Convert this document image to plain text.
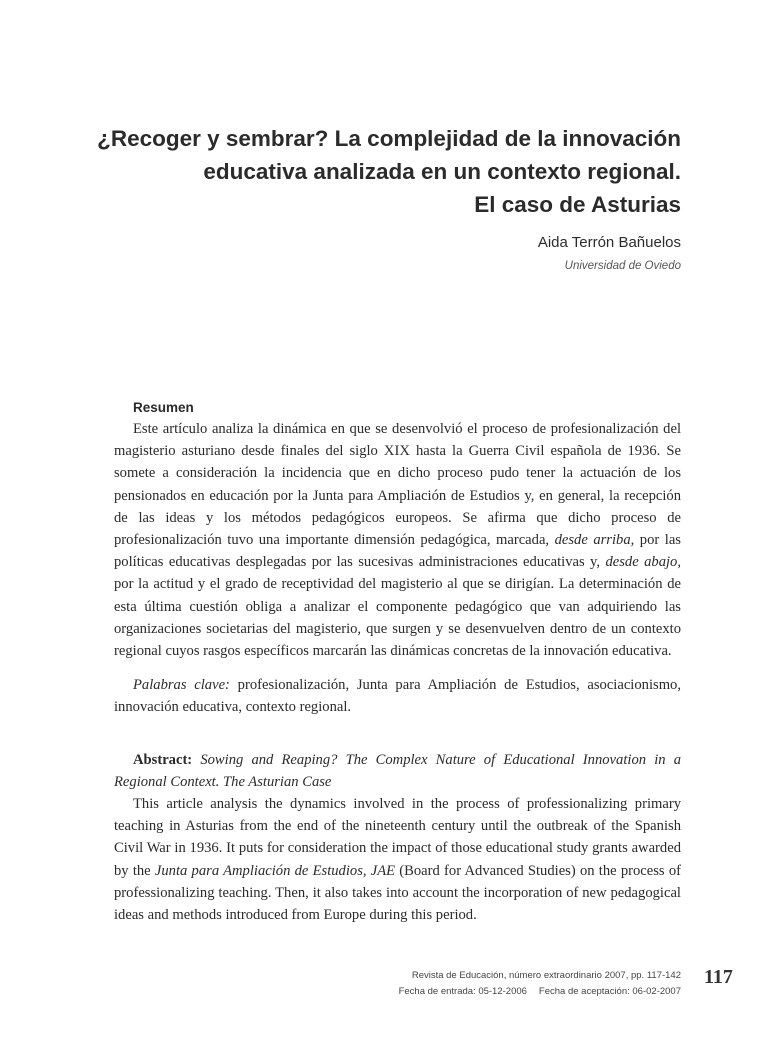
¿Recoger y sembrar? La complejidad de la innovación
educativa analizada en un contexto regional.
El caso de Asturias
Aida Terrón Bañuelos
Universidad de Oviedo
Resumen

Este artículo analiza la dinámica en que se desenvolvió el proceso de profesionalización del magisterio asturiano desde finales del siglo XIX hasta la Guerra Civil española de 1936. Se somete a consideración la incidencia que en dicho proceso pudo tener la actuación de los pensionados en educación por la Junta para Ampliación de Estudios y, en general, la recepción de las ideas y los métodos pedagógicos europeos. Se afirma que dicho proceso de profesionalización tuvo una importante dimensión pedagógica, marcada, desde arriba, por las políticas educativas desplegadas por las sucesivas administraciones educativas y, desde abajo, por la actitud y el grado de receptividad del magisterio al que se dirigían. La determinación de esta última cuestión obliga a analizar el componente pedagógico que van adquiriendo las organizaciones societarias del magisterio, que surgen y se desenvuelven dentro de un contexto regional cuyos rasgos específicos marcarán las dinámicas concretas de la innovación educativa.

Palabras clave: profesionalización, Junta para Ampliación de Estudios, asociacionismo, innovación educativa, contexto regional.

Abstract: Sowing and Reaping? The Complex Nature of Educational Innovation in a Regional Context. The Asturian Case

This article analysis the dynamics involved in the process of professionalizing primary teaching in Asturias from the end of the nineteenth century until the outbreak of the Spanish Civil War in 1936. It puts for consideration the impact of those educational study grants awarded by the Junta para Ampliación de Estudios, JAE (Board for Advanced Studies) on the process of professionalizing teaching. Then, it also takes into account the incorporation of new pedagogical ideas and methods introduced from Europe during this period.

Revista de Educación, número extraordinario 2007, pp. 117-142
Fecha de entrada: 05-12-2006 Fecha de aceptación: 06-02-2007
117
